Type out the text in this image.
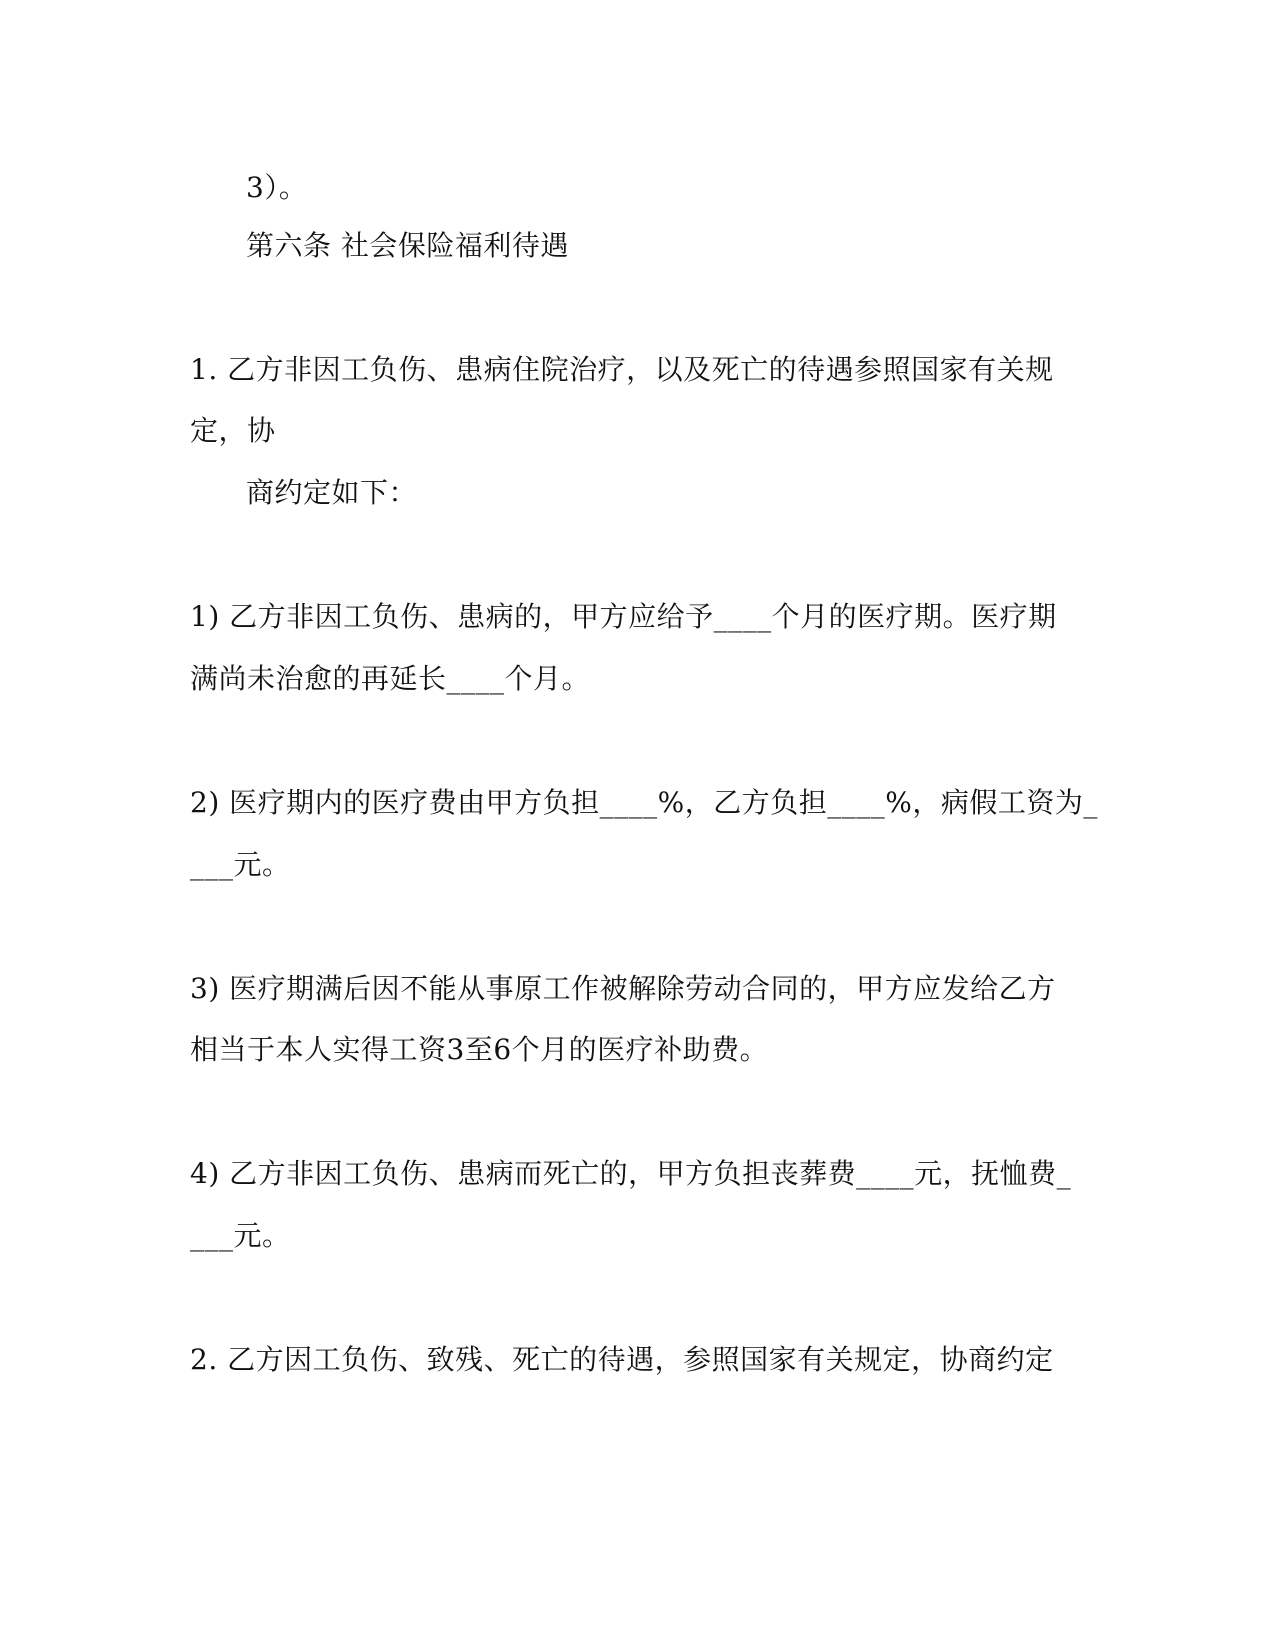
3）。

第六条 社会保险福利待遇

1. 乙方非因工负伤、患病住院治疗，以及死亡的待遇参照国家有关规

定，协

商约定如下：

1) 乙方非因工负伤、患病的，甲方应给予____个月的医疗期。医疗期

满尚未治愈的再延长____个月。

2) 医疗期内的医疗费由甲方负担____%，乙方负担____%，病假工资为_

___元。

3) 医疗期满后因不能从事原工作被解除劳动合同的，甲方应发给乙方

相当于本人实得工资3至6个月的医疗补助费。

4) 乙方非因工负伤、患病而死亡的，甲方负担丧葬费____元，抚恤费_

___元。

2. 乙方因工负伤、致残、死亡的待遇，参照国家有关规定，协商约定
